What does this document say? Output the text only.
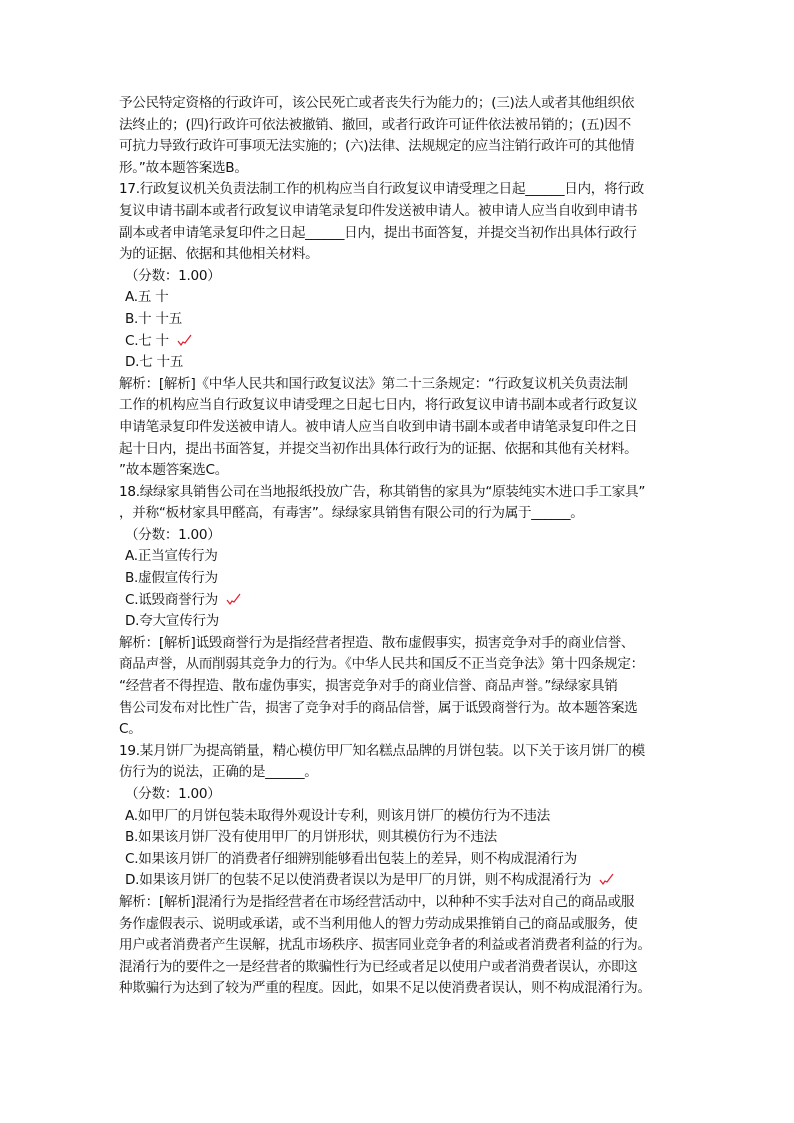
予公民特定资格的行政许可，该公民死亡或者丧失行为能力的；(三)法人或者其他组织依
法终止的；(四)行政许可依法被撤销、撤回，或者行政许可证件依法被吊销的；(五)因不
可抗力导致行政许可事项无法实施的；(六)法律、法规规定的应当注销行政许可的其他情
形。”故本题答案选B。
17.行政复议机关负责法制工作的机构应当自行政复议申请受理之日起______日内，将行政
复议申请书副本或者行政复议申请笔录复印件发送被申请人。被申请人应当自收到申请书
副本或者申请笔录复印件之日起______日内，提出书面答复，并提交当初作出具体行政行
为的证据、依据和其他相关材料。
（分数：1.00）
A.五 十
B.十 十五
C.七 十
D.七 十五
解析：[解析]《中华人民共和国行政复议法》第二十三条规定：“行政复议机关负责法制
工作的机构应当自行政复议申请受理之日起七日内，将行政复议申请书副本或者行政复议
申请笔录复印件发送被申请人。被申请人应当自收到申请书副本或者申请笔录复印件之日
起十日内，提出书面答复，并提交当初作出具体行政行为的证据、依据和其他有关材料。
”故本题答案选C。
18.绿绿家具销售公司在当地报纸投放广告，称其销售的家具为“原装纯实木进口手工家具”
，并称“板材家具甲醛高，有毒害”。绿绿家具销售有限公司的行为属于______。
（分数：1.00）
A.正当宣传行为
B.虚假宣传行为
C.诋毁商誉行为
D.夸大宣传行为
解析：[解析]诋毁商誉行为是指经营者捏造、散布虚假事实，损害竞争对手的商业信誉、
商品声誉，从而削弱其竞争力的行为。《中华人民共和国反不正当竞争法》第十四条规定：
“经营者不得捏造、散布虚伪事实，损害竞争对手的商业信誉、商品声誉。”绿绿家具销
售公司发布对比性广告，损害了竞争对手的商品信誉，属于诋毁商誉行为。故本题答案选
C。
19.某月饼厂为提高销量，精心模仿甲厂知名糕点品牌的月饼包装。以下关于该月饼厂的模
仿行为的说法，正确的是______。
（分数：1.00）
A.如甲厂的月饼包装未取得外观设计专利，则该月饼厂的模仿行为不违法
B.如果该月饼厂没有使用甲厂的月饼形状，则其模仿行为不违法
C.如果该月饼厂的消费者仔细辨别能够看出包装上的差异，则不构成混淆行为
D.如果该月饼厂的包装不足以使消费者误以为是甲厂的月饼，则不构成混淆行为
解析：[解析]混淆行为是指经营者在市场经营活动中，以种种不实手法对自己的商品或服
务作虚假表示、说明或承诺，或不当利用他人的智力劳动成果推销自己的商品或服务，使
用户或者消费者产生误解，扰乱市场秩序、损害同业竞争者的利益或者消费者利益的行为。
混淆行为的要件之一是经营者的欺骗性行为已经或者足以使用户或者消费者误认，亦即这
种欺骗行为达到了较为严重的程度。因此，如果不足以使消费者误认，则不构成混淆行为。
